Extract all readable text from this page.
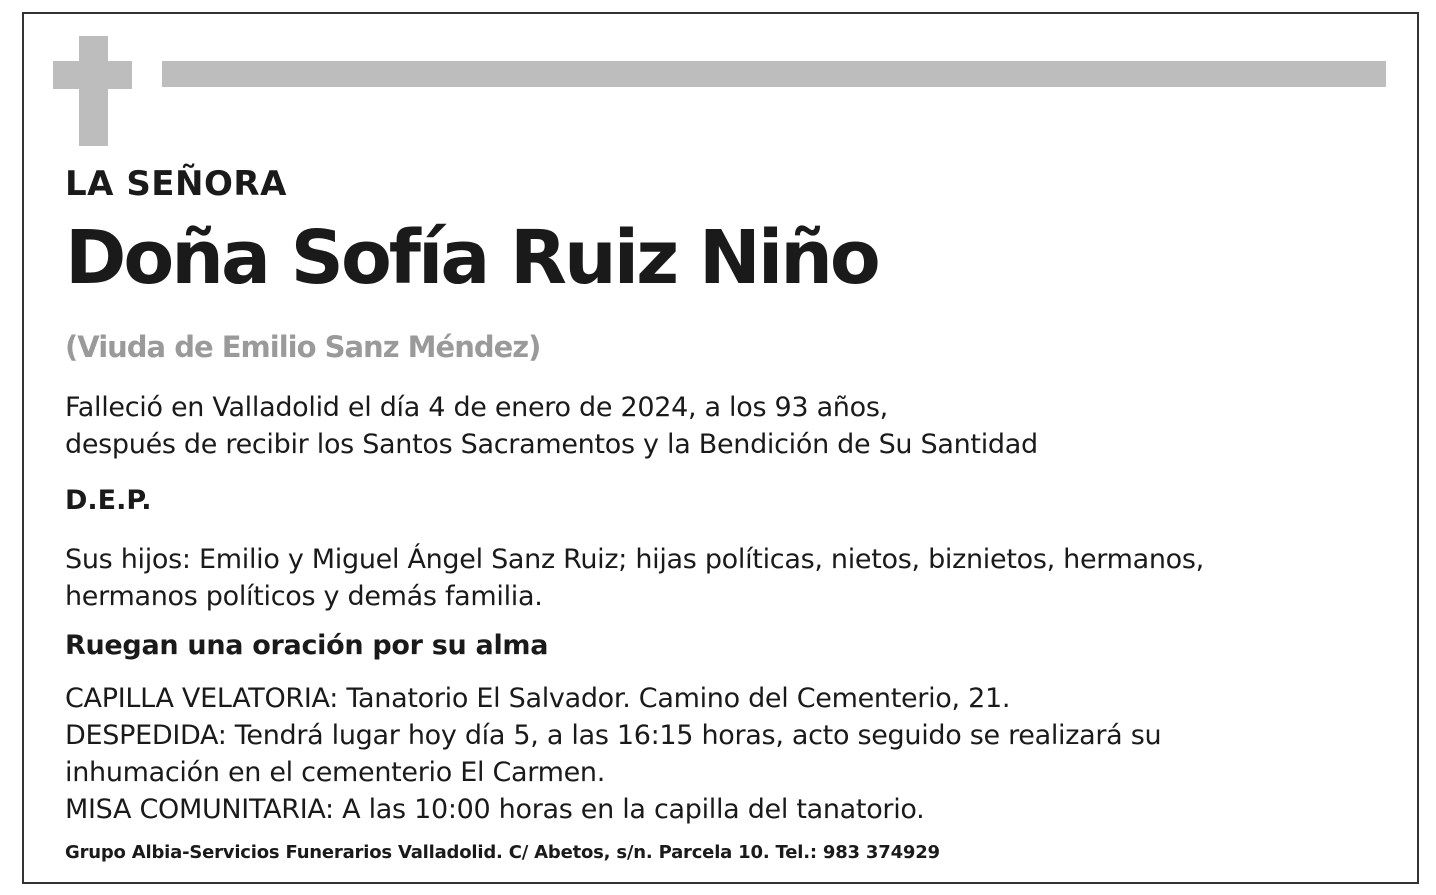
LA SEÑORA
Doña Sofía Ruiz Niño
(Viuda de Emilio Sanz Méndez)
Falleció en Valladolid el día 4 de enero de 2024, a los 93 años,
después de recibir los Santos Sacramentos y la Bendición de Su Santidad
D.E.P.
Sus hijos: Emilio y Miguel Ángel Sanz Ruiz; hijas políticas, nietos, biznietos, hermanos,
hermanos políticos y demás familia.
Ruegan una oración por su alma
CAPILLA VELATORIA: Tanatorio El Salvador. Camino del Cementerio, 21.
DESPEDIDA: Tendrá lugar hoy día 5, a las 16:15 horas, acto seguido se realizará su
inhumación en el cementerio El Carmen.
MISA COMUNITARIA: A las 10:00 horas en la capilla del tanatorio.
Grupo Albia-Servicios Funerarios Valladolid. C/ Abetos, s/n. Parcela 10. Tel.: 983 374929
